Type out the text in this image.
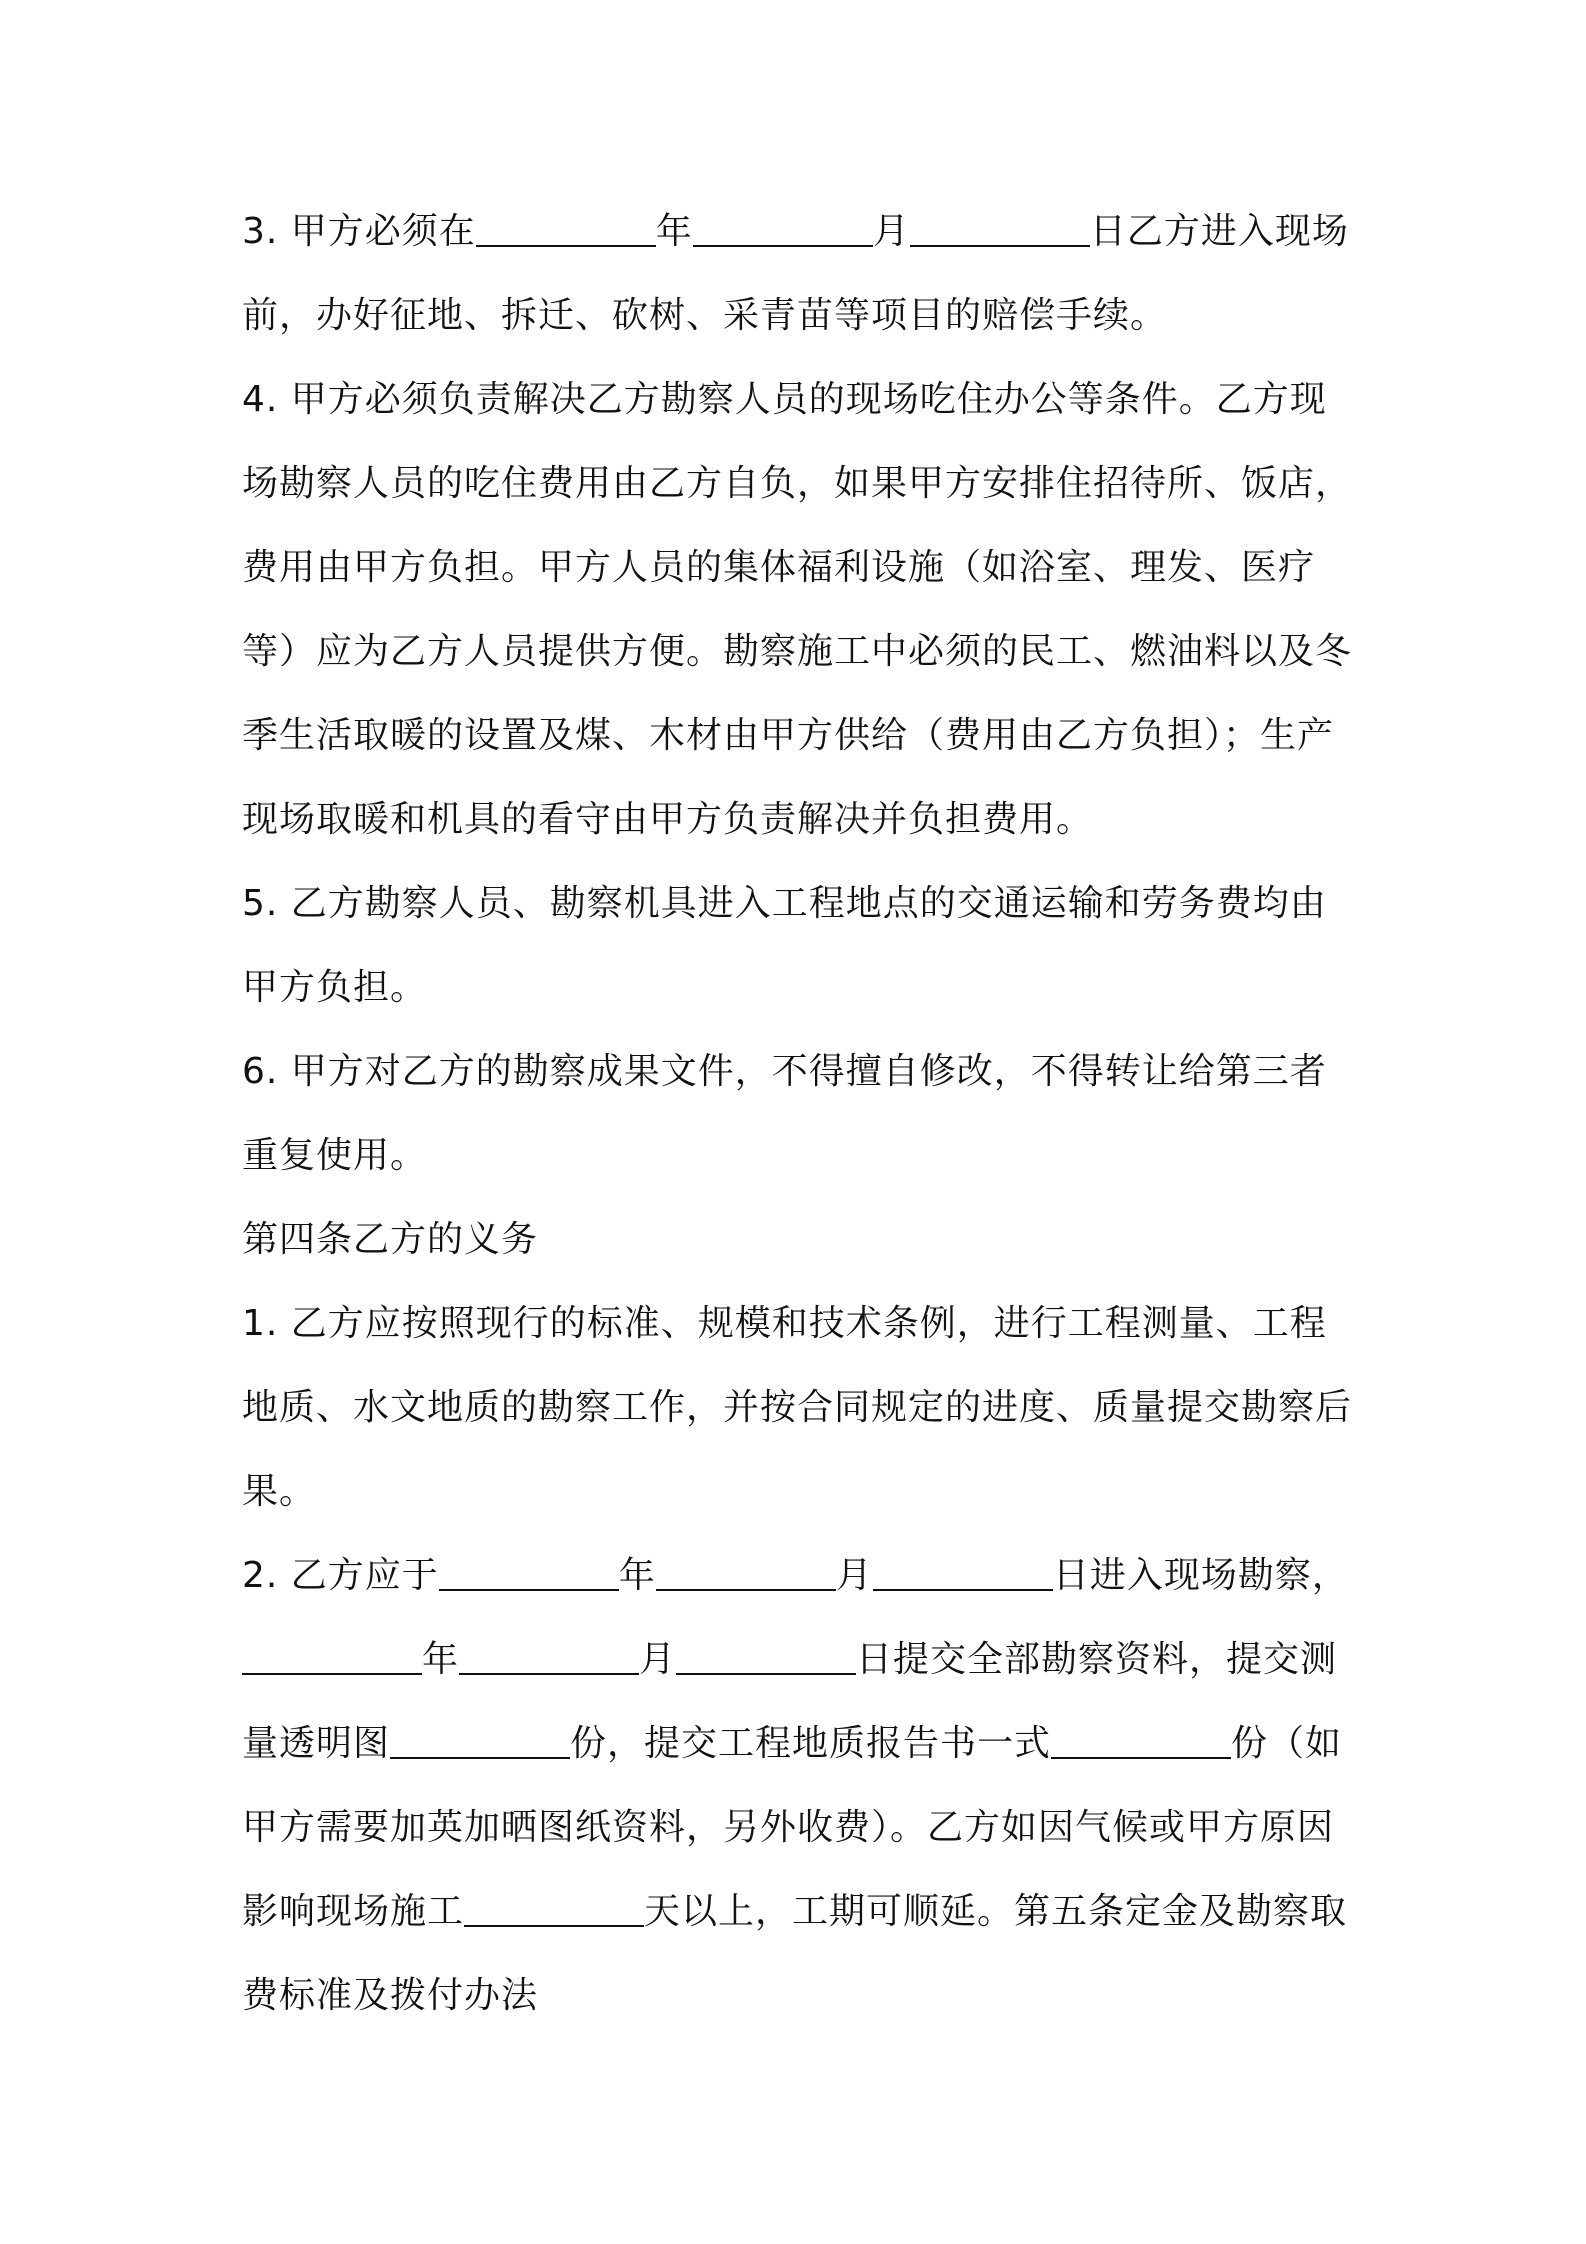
3. 甲方必须在	年	月	日乙方进入现场前，办好征地、拆迁、砍树、采青苗等项目的赔偿手续。

4. 甲方必须负责解决乙方勘察人员的现场吃住办公等条件。乙方现场勘察人员的吃住费用由乙方自负，如果甲方安排住招待所、饭店，费用由甲方负担。甲方人员的集体福利设施（如浴室、理发、医疗等）应为乙方人员提供方便。勘察施工中必须的民工、燃油料以及冬季生活取暖的设置及煤、木材由甲方供给（费用由乙方负担）；生产现场取暖和机具的看守由甲方负责解决并负担费用。

5. 乙方勘察人员、勘察机具进入工程地点的交通运输和劳务费均由甲方负担。

6. 甲方对乙方的勘察成果文件，不得擅自修改，不得转让给第三者重复使用。

第四条乙方的义务

1. 乙方应按照现行的标准、规模和技术条例，进行工程测量、工程地质、水文地质的勘察工作，并按合同规定的进度、质量提交勘察后果。

2. 乙方应于	年	月	日进入现场勘察，年	月	日提交全部勘察资料，提交测量透明图	份，提交工程地质报告书一式	份（如甲方需要加英加晒图纸资料，另外收费）。乙方如因气候或甲方原因影响现场施工	天以上，工期可顺延。第五条定金及勘察取费标准及拨付办法
